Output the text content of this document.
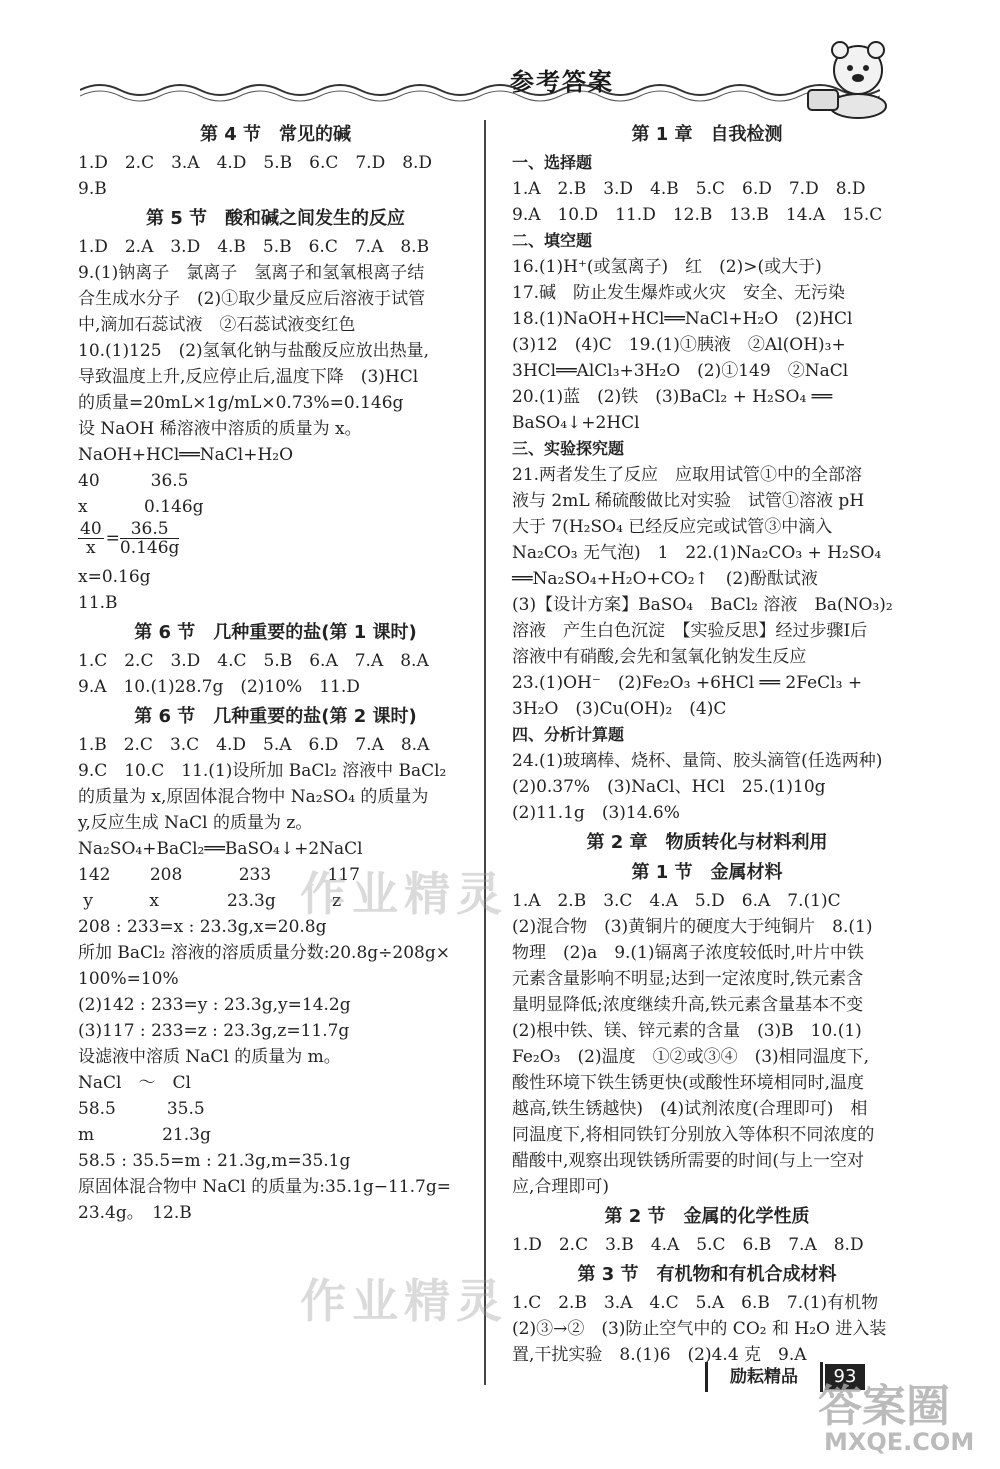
参考答案
第 4 节　常见的碱
1.D　2.C　3.A　4.D　5.B　6.C　7.D　8.D
9.B
第 5 节　酸和碱之间发生的反应
1.D　2.A　3.D　4.B　5.B　6.C　7.A　8.B
9.(1)钠离子　氯离子　氢离子和氢氧根离子结
合生成水分子　(2)①取少量反应后溶液于试管
中,滴加石蕊试液　②石蕊试液变红色
10.(1)125　(2)氢氧化钠与盐酸反应放出热量,
导致温度上升,反应停止后,温度下降　(3)HCl
的质量=20mL×1g/mL×0.73%=0.146g
设 NaOH 稀溶液中溶质的质量为 x。
NaOH+HCl══NaCl+H₂O
40　　　36.5
x　　　 0.146g
$\frac{40}{x} = \frac{36.5}{0.146g}$
x=0.16g
11.B
第 6 节　几种重要的盐(第 1 课时)
1.C　2.C　3.D　4.C　5.B　6.A　7.A　8.A
9.A　10.(1)28.7g　(2)10%　11.D
第 6 节　几种重要的盐(第 2 课时)
1.B　2.C　3.C　4.D　5.A　6.D　7.A　8.A
9.C　10.C　11.(1)设所加 BaCl₂ 溶液中 BaCl₂
的质量为 x,原固体混合物中 Na₂SO₄ 的质量为
y,反应生成 NaCl 的质量为 z。
Na₂SO₄+BaCl₂══BaSO₄↓+2NaCl
142　　 208　　　 233　　　 117
y　　　 x　　　　23.3g　　　 z
208 : 233=x : 23.3g,x=20.8g
所加 BaCl₂ 溶液的溶质质量分数:20.8g÷208g×
100%=10%
(2)142 : 233=y : 23.3g,y=14.2g
(3)117 : 233=z : 23.3g,z=11.7g
设滤液中溶质 NaCl 的质量为 m。
NaCl　～　Cl
58.5　　　35.5
m　　　　21.3g
58.5 : 35.5=m : 21.3g,m=35.1g
原固体混合物中 NaCl 的质量为:35.1g−11.7g=
23.4g。　12.B
第 1 章　自我检测
一、选择题
1.A　2.B　3.D　4.B　5.C　6.D　7.D　8.D
9.A　10.D　11.D　12.B　13.B　14.A　15.C
二、填空题
16.(1)H⁺(或氢离子)　红　(2)>(或大于)
17.碱　防止发生爆炸或火灾　安全、无污染
18.(1)NaOH+HCl══NaCl+H₂O　(2)HCl
(3)12　(4)C　19.(1)①胰液　②Al(OH)₃+
3HCl══AlCl₃+3H₂O　(2)①149　②NaCl
20.(1)蓝　(2)铁　(3)BaCl₂ + H₂SO₄ ══
BaSO₄↓+2HCl
三、实验探究题
21.两者发生了反应　应取用试管①中的全部溶
液与 2mL 稀硫酸做比对实验　试管①溶液 pH
大于 7(H₂SO₄ 已经反应完或试管③中滴入
Na₂CO₃ 无气泡)　1　22.(1)Na₂CO₃ + H₂SO₄
══Na₂SO₄+H₂O+CO₂↑　(2)酚酞试液
(3)【设计方案】BaSO₄　BaCl₂ 溶液　Ba(NO₃)₂
溶液　产生白色沉淀　【实验反思】经过步骤Ⅰ后
溶液中有硝酸,会先和氢氧化钠发生反应
23.(1)OH⁻　(2)Fe₂O₃ +6HCl ══ 2FeCl₃ +
3H₂O　(3)Cu(OH)₂　(4)C
四、分析计算题
24.(1)玻璃棒、烧杯、量筒、胶头滴管(任选两种)
(2)0.37%　(3)NaCl、HCl　25.(1)10g
(2)11.1g　(3)14.6%
第 2 章　物质转化与材料利用
第 1 节　金属材料
1.A　2.B　3.C　4.A　5.D　6.A　7.(1)C
(2)混合物　(3)黄铜片的硬度大于纯铜片　8.(1)
物理　(2)a　9.(1)镉离子浓度较低时,叶片中铁
元素含量影响不明显;达到一定浓度时,铁元素含
量明显降低;浓度继续升高,铁元素含量基本不变
(2)根中铁、镁、锌元素的含量　(3)B　10.(1)
Fe₂O₃　(2)温度　①②或③④　(3)相同温度下,
酸性环境下铁生锈更快(或酸性环境相同时,温度
越高,铁生锈越快)　(4)试剂浓度(合理即可)　相
同温度下,将相同铁钉分别放入等体积不同浓度的
醋酸中,观察出现铁锈所需要的时间(与上一空对
应,合理即可)
第 2 节　金属的化学性质
1.D　2.C　3.B　4.A　5.C　6.B　7.A　8.D
第 3 节　有机物和有机合成材料
1.C　2.B　3.A　4.C　5.A　6.B　7.(1)有机物
(2)③→②　(3)防止空气中的 CO₂ 和 H₂O 进入装
置,干扰实验　8.(1)6　(2)4.4 克　9.A
作业精灵
作业精灵
励耘精品	93
答案圈
MXQE.COM
